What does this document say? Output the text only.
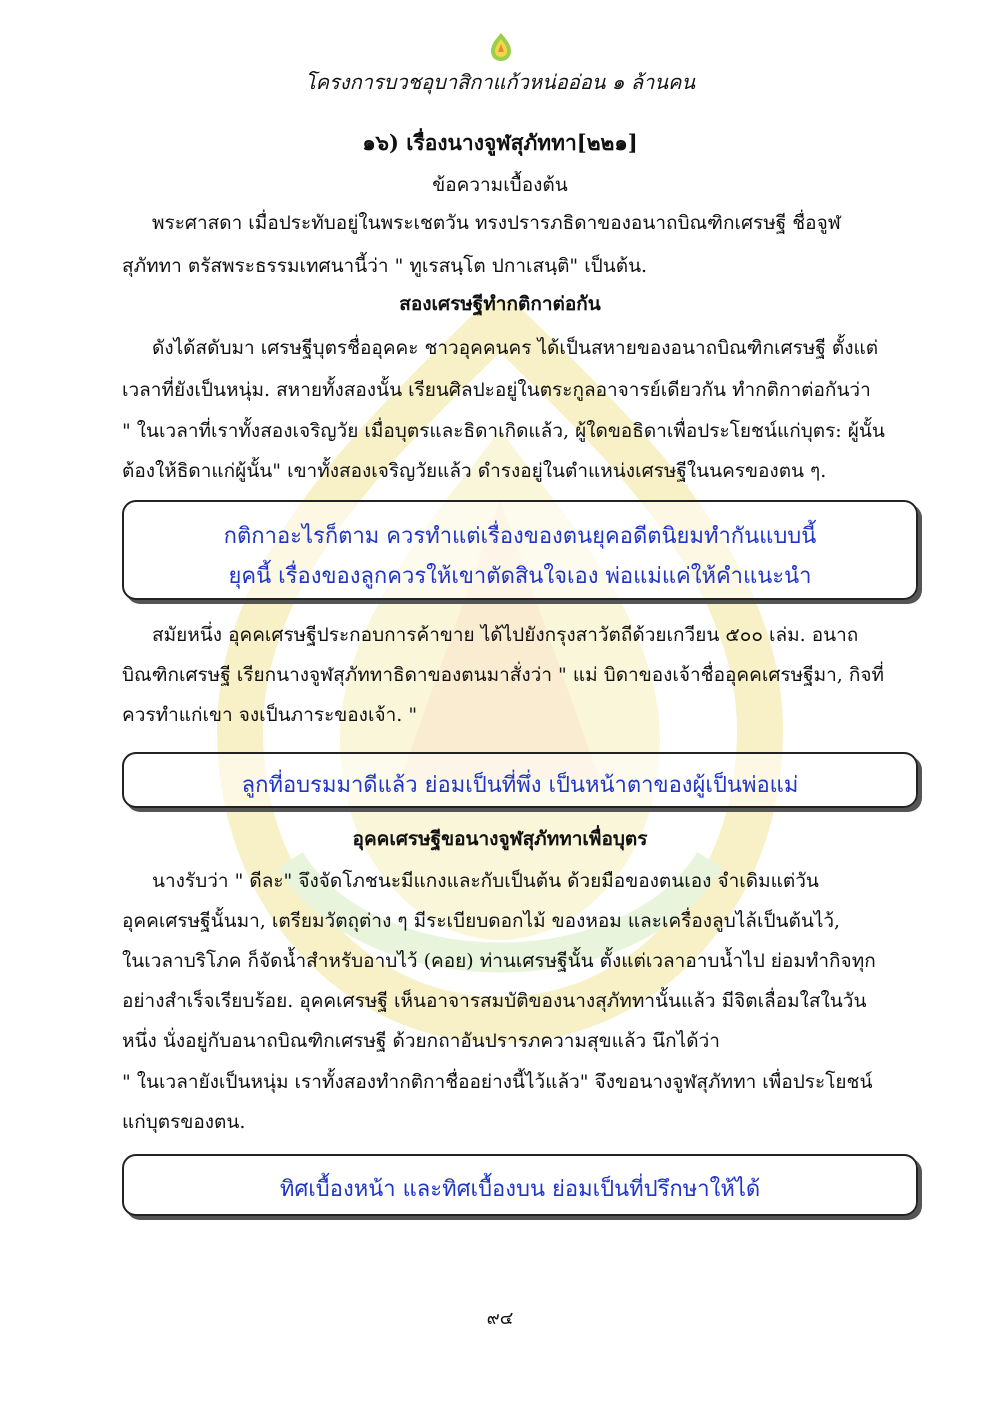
โครงการบวชอุบาสิกาแก้วหน่ออ่อน ๑ ล้านคน
๑๖) เรื่องนางจูฬสุภัททา[๒๒๑]
ข้อความเบื้องต้น
พระศาสดา เมื่อประทับอยู่ในพระเชตวัน ทรงปรารภธิดาของอนาถบิณฑิกเศรษฐี ชื่อจูฬ
สุภัททา ตรัสพระธรรมเทศนานี้ว่า " ทูเรสนฺโต ปกาเสนฺติ" เป็นต้น.
สองเศรษฐีทำกติกาต่อกัน
ดังได้สดับมา เศรษฐีบุตรชื่ออุคคะ ชาวอุคคนคร ได้เป็นสหายของอนาถบิณฑิกเศรษฐี ตั้งแต่
เวลาที่ยังเป็นหนุ่ม. สหายทั้งสองนั้น เรียนศิลปะอยู่ในตระกูลอาจารย์เดียวกัน ทำกติกาต่อกันว่า
" ในเวลาที่เราทั้งสองเจริญวัย เมื่อบุตรและธิดาเกิดแล้ว, ผู้ใดขอธิดาเพื่อประโยชน์แก่บุตร: ผู้นั้น
ต้องให้ธิดาแก่ผู้นั้น" เขาทั้งสองเจริญวัยแล้ว ดำรงอยู่ในตำแหน่งเศรษฐีในนครของตน ๆ.
กติกาอะไรก็ตาม ควรทำแต่เรื่องของตนยุคอดีตนิยมทำกันแบบนี้
ยุคนี้ เรื่องของลูกควรให้เขาตัดสินใจเอง พ่อแม่แค่ให้คำแนะนำ
สมัยหนึ่ง อุคคเศรษฐีประกอบการค้าขาย ได้ไปยังกรุงสาวัตถีด้วยเกวียน ๕๐๐ เล่ม. อนาถ
บิณฑิกเศรษฐี เรียกนางจูฬสุภัททาธิดาของตนมาสั่งว่า " แม่ บิดาของเจ้าชื่ออุคคเศรษฐีมา, กิจที่
ควรทำแก่เขา จงเป็นภาระของเจ้า. "
ลูกที่อบรมมาดีแล้ว ย่อมเป็นที่พึ่ง เป็นหน้าตาของผู้เป็นพ่อแม่
อุคคเศรษฐีขอนางจูฬสุภัททาเพื่อบุตร
นางรับว่า " ดีละ" จึงจัดโภชนะมีแกงและกับเป็นต้น ด้วยมือของตนเอง จำเดิมแต่วัน
อุคคเศรษฐีนั้นมา, เตรียมวัตถุต่าง ๆ มีระเบียบดอกไม้ ของหอม และเครื่องลูบไล้เป็นต้นไว้,
ในเวลาบริโภค ก็จัดน้ำสำหรับอาบไว้ (คอย) ท่านเศรษฐีนั้น ตั้งแต่เวลาอาบน้ำไป ย่อมทำกิจทุก
อย่างสำเร็จเรียบร้อย. อุคคเศรษฐี เห็นอาจารสมบัติของนางสุภัททานั้นแล้ว มีจิตเลื่อมใสในวัน
หนึ่ง นั่งอยู่กับอนาถบิณฑิกเศรษฐี ด้วยกถาอันปรารภความสุขแล้ว นึกได้ว่า
" ในเวลายังเป็นหนุ่ม เราทั้งสองทำกติกาชื่ออย่างนี้ไว้แล้ว" จึงขอนางจูฬสุภัททา เพื่อประโยชน์
แก่บุตรของตน.
ทิศเบื้องหน้า และทิศเบื้องบน ย่อมเป็นที่ปรึกษาให้ได้
๙๔
